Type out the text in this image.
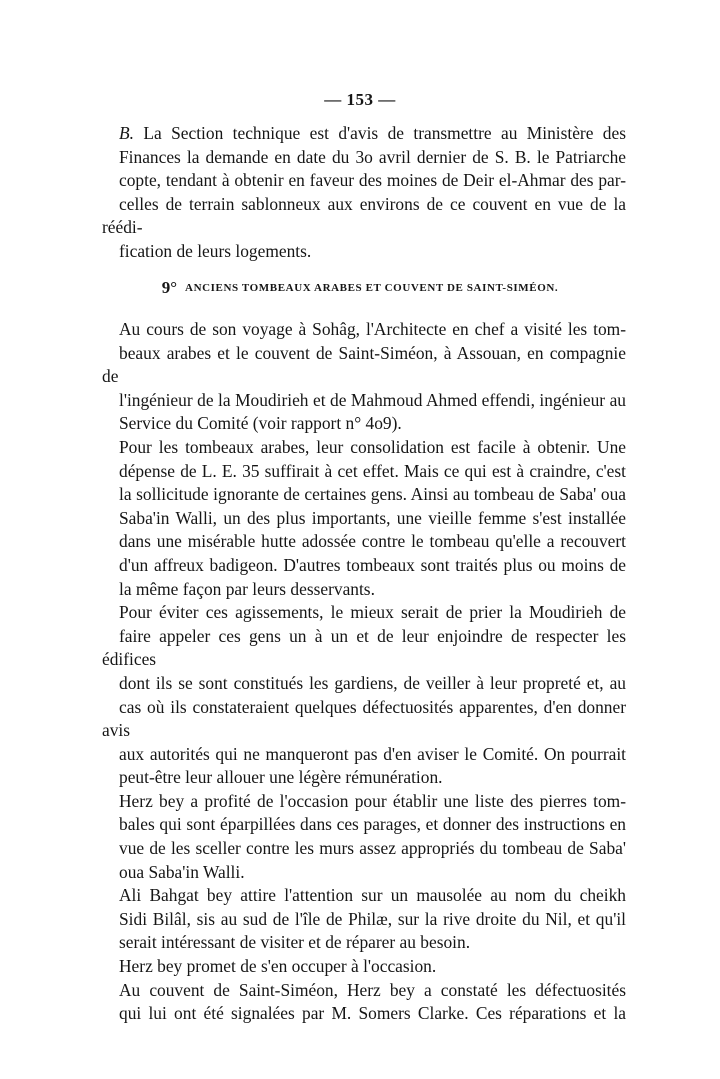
— 153 —
B. La Section technique est d'avis de transmettre au Ministère des
Finances la demande en date du 3o avril dernier de S. B. le Patriarche
copte, tendant à obtenir en faveur des moines de Deir el-Ahmar des par-
celles de terrain sablonneux aux environs de ce couvent en vue de la réédi-
fication de leurs logements.
9° ANCIENS TOMBEAUX ARABES ET COUVENT DE SAINT-SIMÉON.
Au cours de son voyage à Sohâg, l'Architecte en chef a visité les tom-
beaux arabes et le couvent de Saint-Siméon, à Assouan, en compagnie de
l'ingénieur de la Moudirieh et de Mahmoud Ahmed effendi, ingénieur au
Service du Comité (voir rapport n° 4o9).
Pour les tombeaux arabes, leur consolidation est facile à obtenir. Une
dépense de L. E. 35 suffirait à cet effet. Mais ce qui est à craindre, c'est
la sollicitude ignorante de certaines gens. Ainsi au tombeau de Saba' oua
Saba'in Walli, un des plus importants, une vieille femme s'est installée
dans une misérable hutte adossée contre le tombeau qu'elle a recouvert
d'un affreux badigeon. D'autres tombeaux sont traités plus ou moins de
la même façon par leurs desservants.
Pour éviter ces agissements, le mieux serait de prier la Moudirieh de
faire appeler ces gens un à un et de leur enjoindre de respecter les édifices
dont ils se sont constitués les gardiens, de veiller à leur propreté et, au
cas où ils constateraient quelques défectuosités apparentes, d'en donner avis
aux autorités qui ne manqueront pas d'en aviser le Comité. On pourrait
peut-être leur allouer une légère rémunération.
Herz bey a profité de l'occasion pour établir une liste des pierres tom-
bales qui sont éparpillées dans ces parages, et donner des instructions en
vue de les sceller contre les murs assez appropriés du tombeau de Saba'
oua Saba'in Walli.
Ali Bahgat bey attire l'attention sur un mausolée au nom du cheikh
Sidi Bilâl, sis au sud de l'île de Philæ, sur la rive droite du Nil, et qu'il
serait intéressant de visiter et de réparer au besoin.
Herz bey promet de s'en occuper à l'occasion.
Au couvent de Saint-Siméon, Herz bey a constaté les défectuosités
qui lui ont été signalées par M. Somers Clarke. Ces réparations et la
